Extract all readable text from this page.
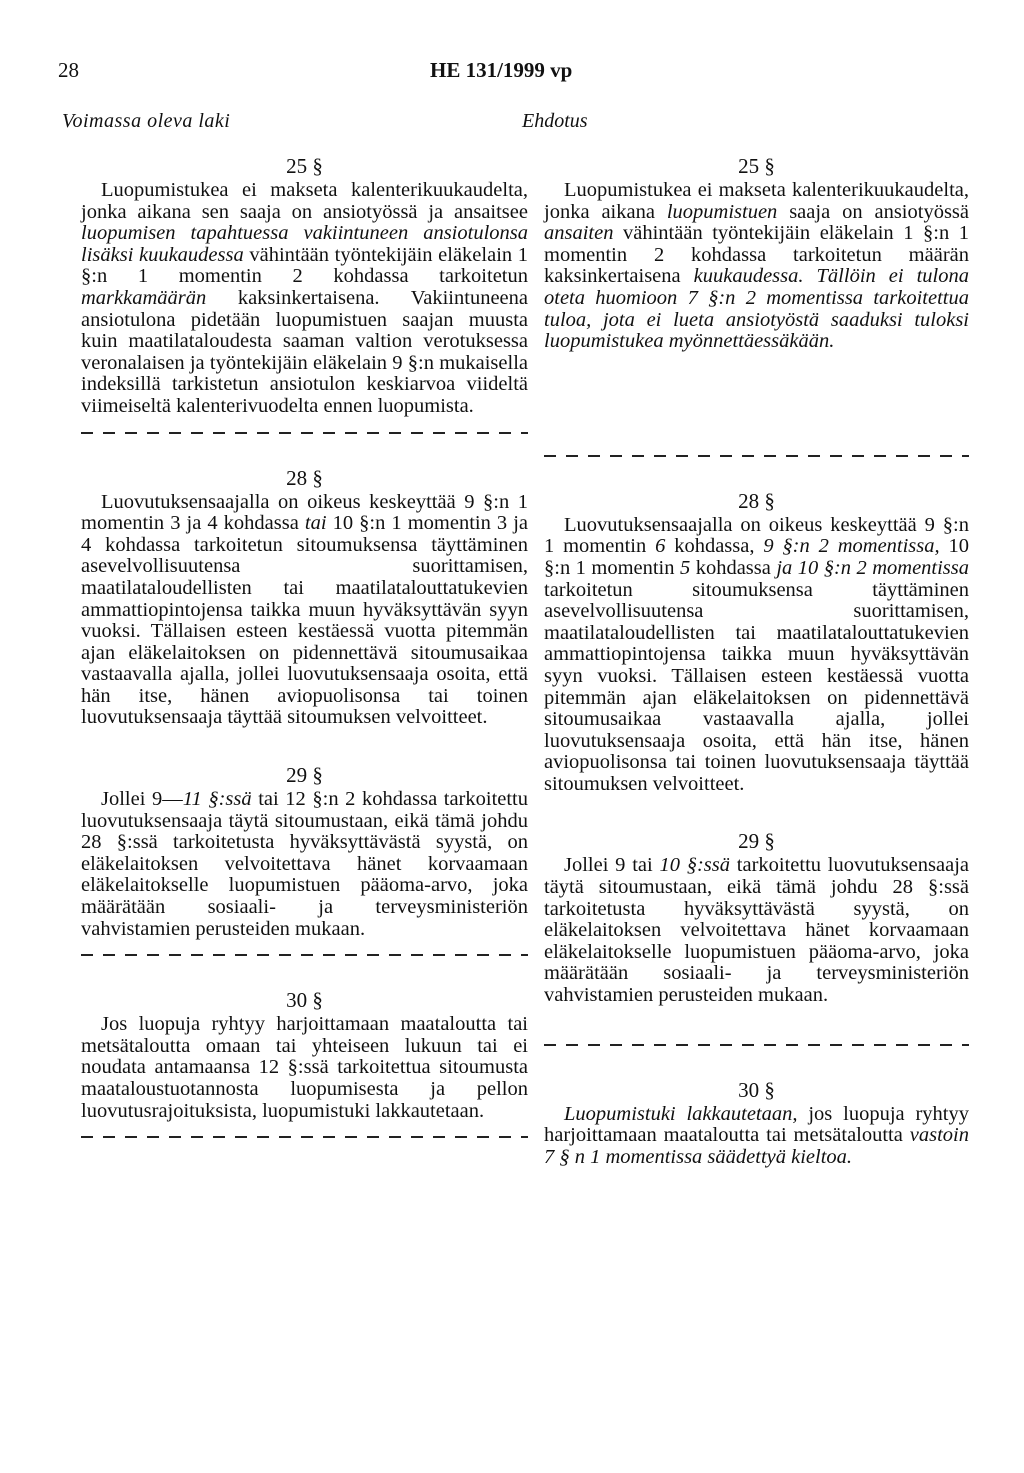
28	HE 131/1999 vp
Voimassa oleva laki	Ehdotus
25 §

Luopumistukea ei makseta kalenterikuukaudelta, jonka aikana sen saaja on ansiotyössä ja ansaitsee luopumisen tapahtuessa vakiintuneen ansiotulonsa lisäksi kuukaudessa vähintään työntekijäin eläkelain 1 §:n 1 momentin 2 kohdassa tarkoitetun markkamäärän kaksinkertaisena. Vakiintuneena ansiotulona pidetään luopumistuen saajan muusta kuin maatilataloudesta saaman valtion verotuksessa veronalaisen ja työntekijäin eläkelain 9 §:n mukaisella indeksillä tarkistetun ansiotulon keskiarvoa viideltä viimeiseltä kalenterivuodelta ennen luopumista.

28 §

Luovutuksensaajalla on oikeus keskeyttää 9 §:n 1 momentin 3 ja 4 kohdassa tai 10 §:n 1 momentin 3 ja 4 kohdassa tarkoitetun sitoumuksensa täyttäminen asevelvollisuutensa suorittamisen, maatilataloudellisten tai maatilatalouttatukevien ammattiopintojensa taikka muun hyväksyttävän syyn vuoksi. Tällaisen esteen kestäessä vuotta pitemmän ajan eläkelaitoksen on pidennettävä sitoumusaikaa vastaavalla ajalla, jollei luovutuksensaaja osoita, että hän itse, hänen aviopuolisonsa tai toinen luovutuksensaaja täyttää sitoumuksen velvoitteet.

29 §

Jollei 9—11 §:ssä tai 12 §:n 2 kohdassa tarkoitettu luovutuksensaaja täytä sitoumustaan, eikä tämä johdu 28 §:ssä tarkoitetusta hyväksyttävästä syystä, on eläkelaitoksen velvoitettava hänet korvaamaan eläkelaitokselle luopumistuen pääoma-arvo, joka määrätään sosiaali- ja terveysministeriön vahvistamien perusteiden mukaan.

30 §

Jos luopuja ryhtyy harjoittamaan maataloutta tai metsätaloutta omaan tai yhteiseen lukuun tai ei noudata antamaansa 12 §:ssä tarkoitettua sitoumusta maataloustuotannosta luopumisesta ja pellon luovutusrajoituksista, luopumistuki lakkautetaan.

25 §

Luopumistukea ei makseta kalenterikuukaudelta, jonka aikana luopumistuen saaja on ansiotyössä ansaiten vähintään työntekijäin eläkelain 1 §:n 1 momentin 2 kohdassa tarkoitetun määrän kaksinkertaisena kuukaudessa. Tällöin ei tulona oteta huomioon 7 §:n 2 momentissa tarkoitettua tuloa, jota ei lueta ansiotyöstä saaduksi tuloksi luopumistukea myönnettäessäkään.

28 §

Luovutuksensaajalla on oikeus keskeyttää 9 §:n 1 momentin 6 kohdassa, 9 §:n 2 momentissa, 10 §:n 1 momentin 5 kohdassa ja 10 §:n 2 momentissa tarkoitetun sitoumuksensa täyttäminen asevelvollisuutensa suorittamisen, maatilataloudellisten tai maatilatalouttatukevien ammattiopintojensa taikka muun hyväksyttävän syyn vuoksi. Tällaisen esteen kestäessä vuotta pitemmän ajan eläkelaitoksen on pidennettävä sitoumusaikaa vastaavalla ajalla, jollei luovutuksensaaja osoita, että hän itse, hänen aviopuolisonsa tai toinen luovutuksensaaja täyttää sitoumuksen velvoitteet.

29 §

Jollei 9 tai 10 §:ssä tarkoitettu luovutuksensaaja täytä sitoumustaan, eikä tämä johdu 28 §:ssä tarkoitetusta hyväksyttävästä syystä, on eläkelaitoksen velvoitettava hänet korvaamaan eläkelaitokselle luopumistuen pääoma-arvo, joka määrätään sosiaali- ja terveysministeriön vahvistamien perusteiden mukaan.

30 §

Luopumistuki lakkautetaan, jos luopuja ryhtyy harjoittamaan maataloutta tai metsätaloutta vastoin 7 § n 1 momentissa säädettyä kieltoa.
